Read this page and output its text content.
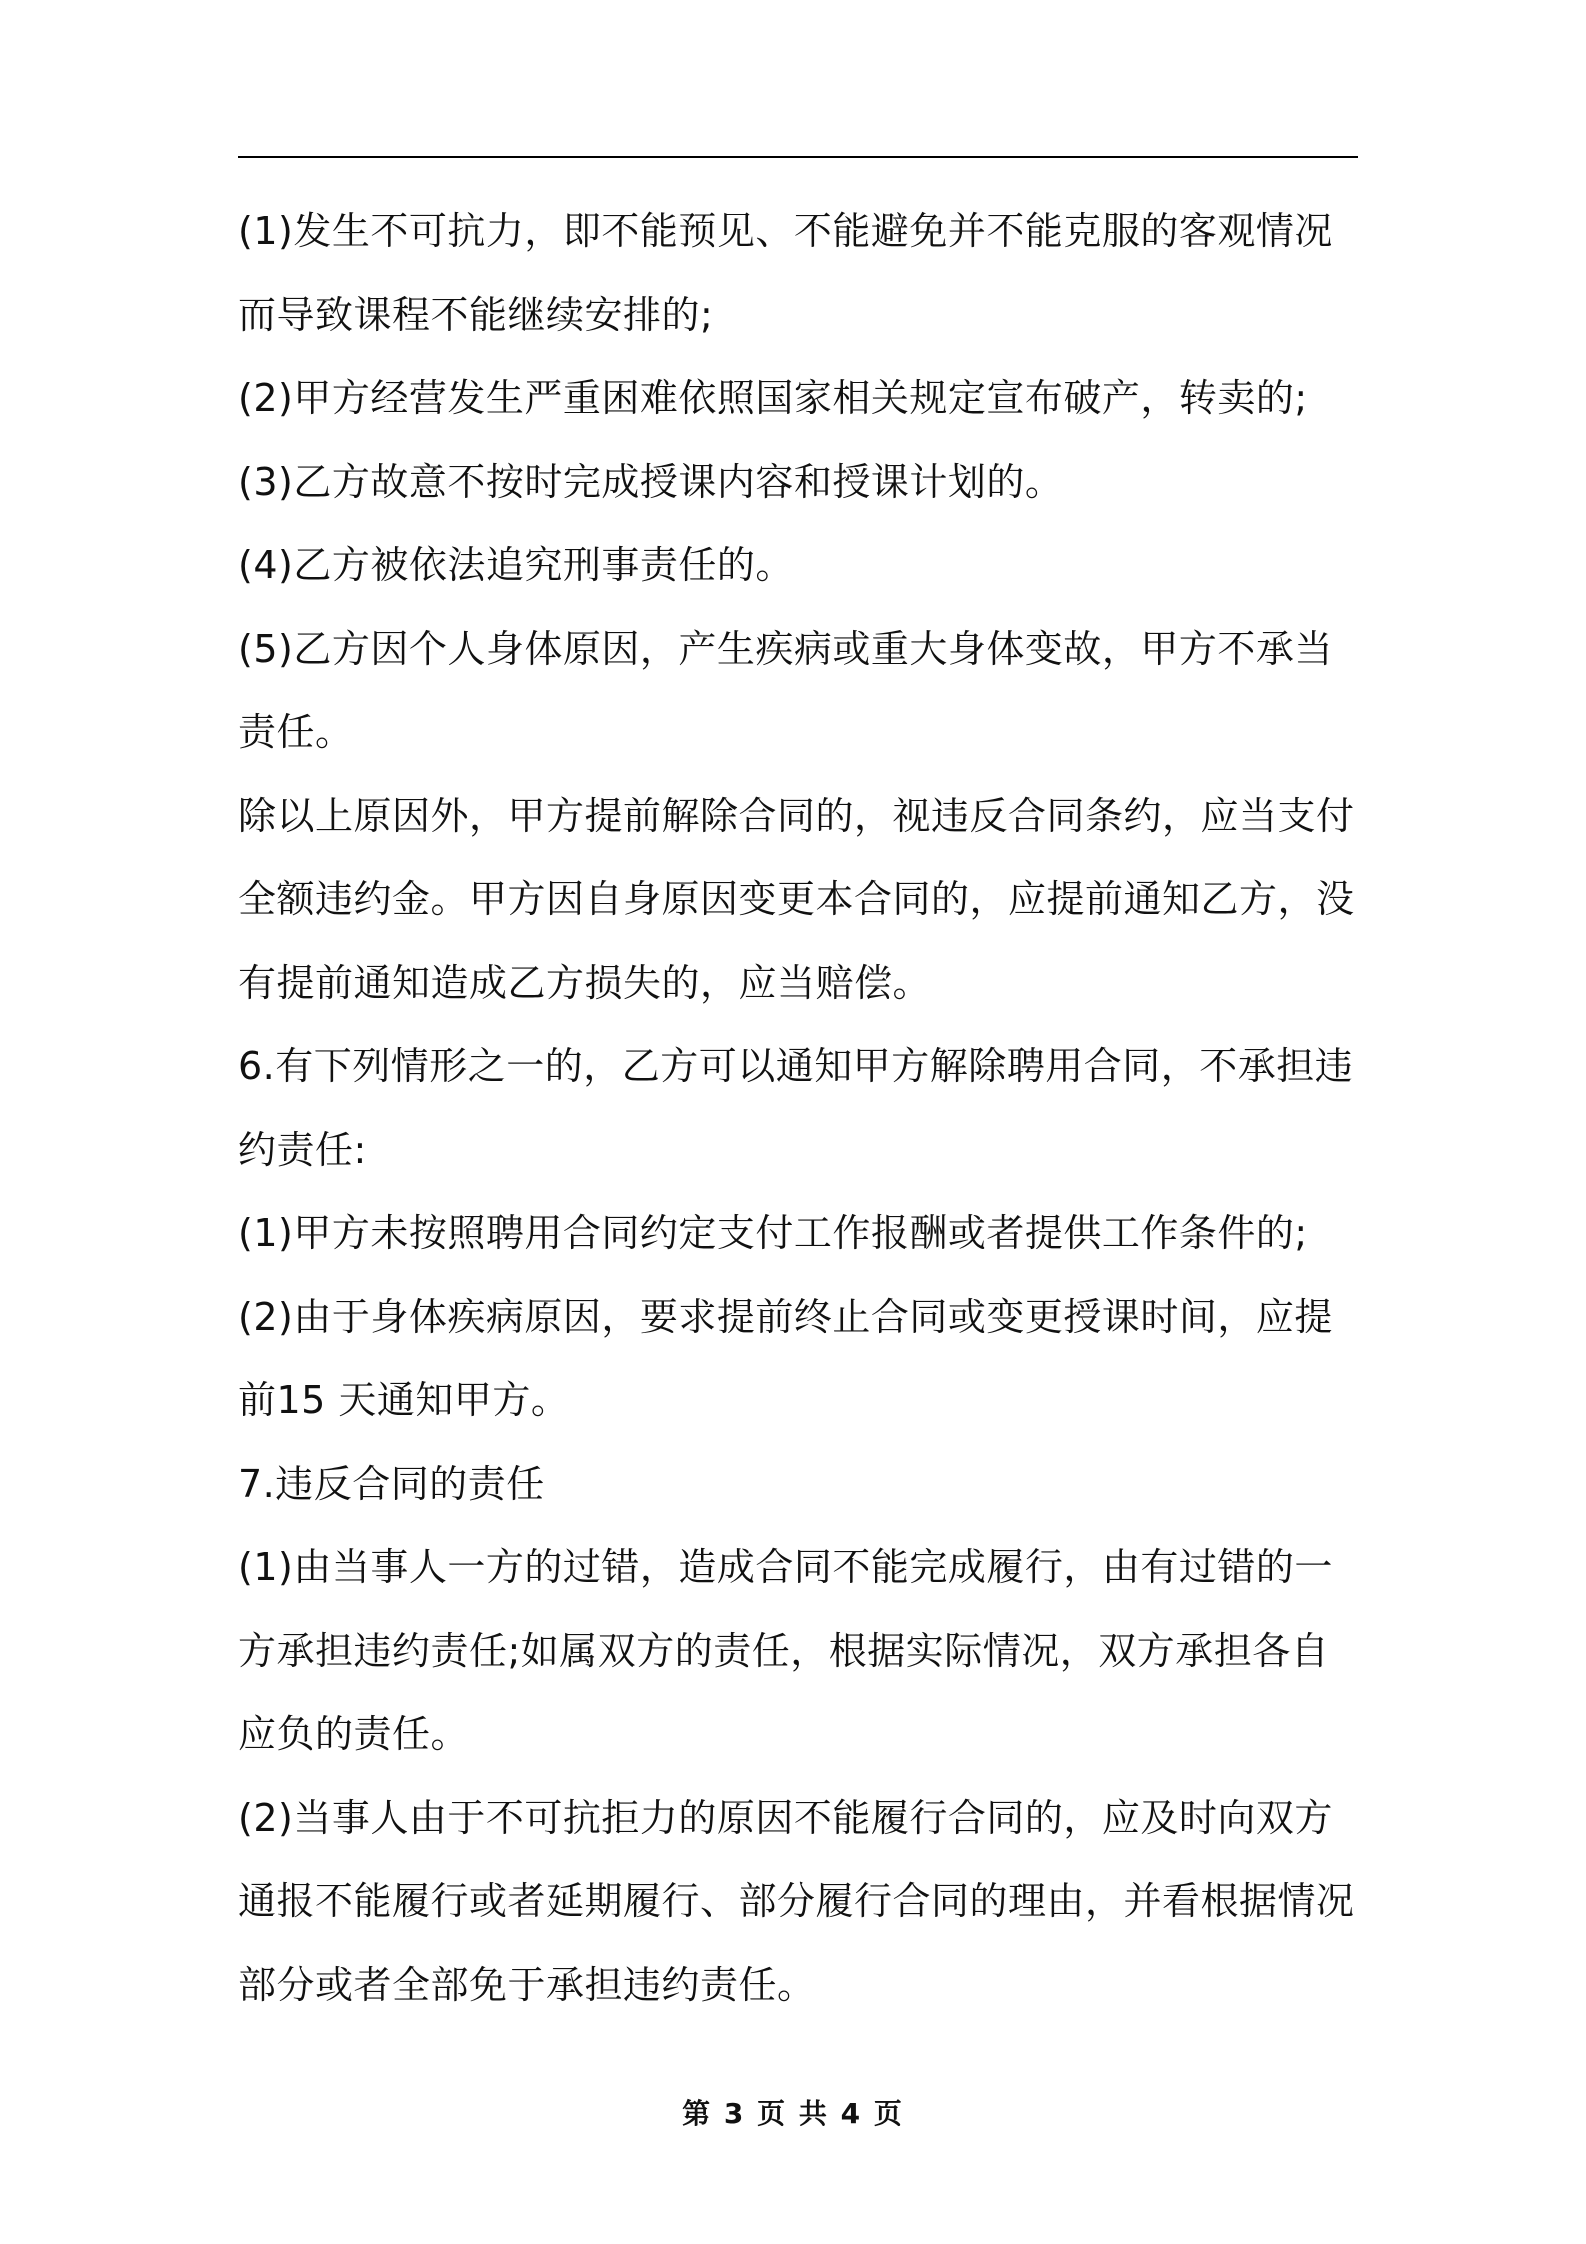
(1)发生不可抗力，即不能预见、不能避免并不能克服的客观情况而导致课程不能继续安排的;

(2)甲方经营发生严重困难依照国家相关规定宣布破产，转卖的;

(3)乙方故意不按时完成授课内容和授课计划的。

(4)乙方被依法追究刑事责任的。

(5)乙方因个人身体原因，产生疾病或重大身体变故，甲方不承当责任。

除以上原因外，甲方提前解除合同的，视违反合同条约，应当支付全额违约金。甲方因自身原因变更本合同的，应提前通知乙方，没有提前通知造成乙方损失的，应当赔偿。

6.有下列情形之一的，乙方可以通知甲方解除聘用合同，不承担违约责任:

(1)甲方未按照聘用合同约定支付工作报酬或者提供工作条件的;

(2)由于身体疾病原因，要求提前终止合同或变更授课时间，应提前15 天通知甲方。

7.违反合同的责任

(1)由当事人一方的过错，造成合同不能完成履行，由有过错的一方承担违约责任;如属双方的责任，根据实际情况，双方承担各自应负的责任。

(2)当事人由于不可抗拒力的原因不能履行合同的，应及时向双方通报不能履行或者延期履行、部分履行合同的理由，并看根据情况部分或者全部免于承担违约责任。

第 3 页 共 4 页
